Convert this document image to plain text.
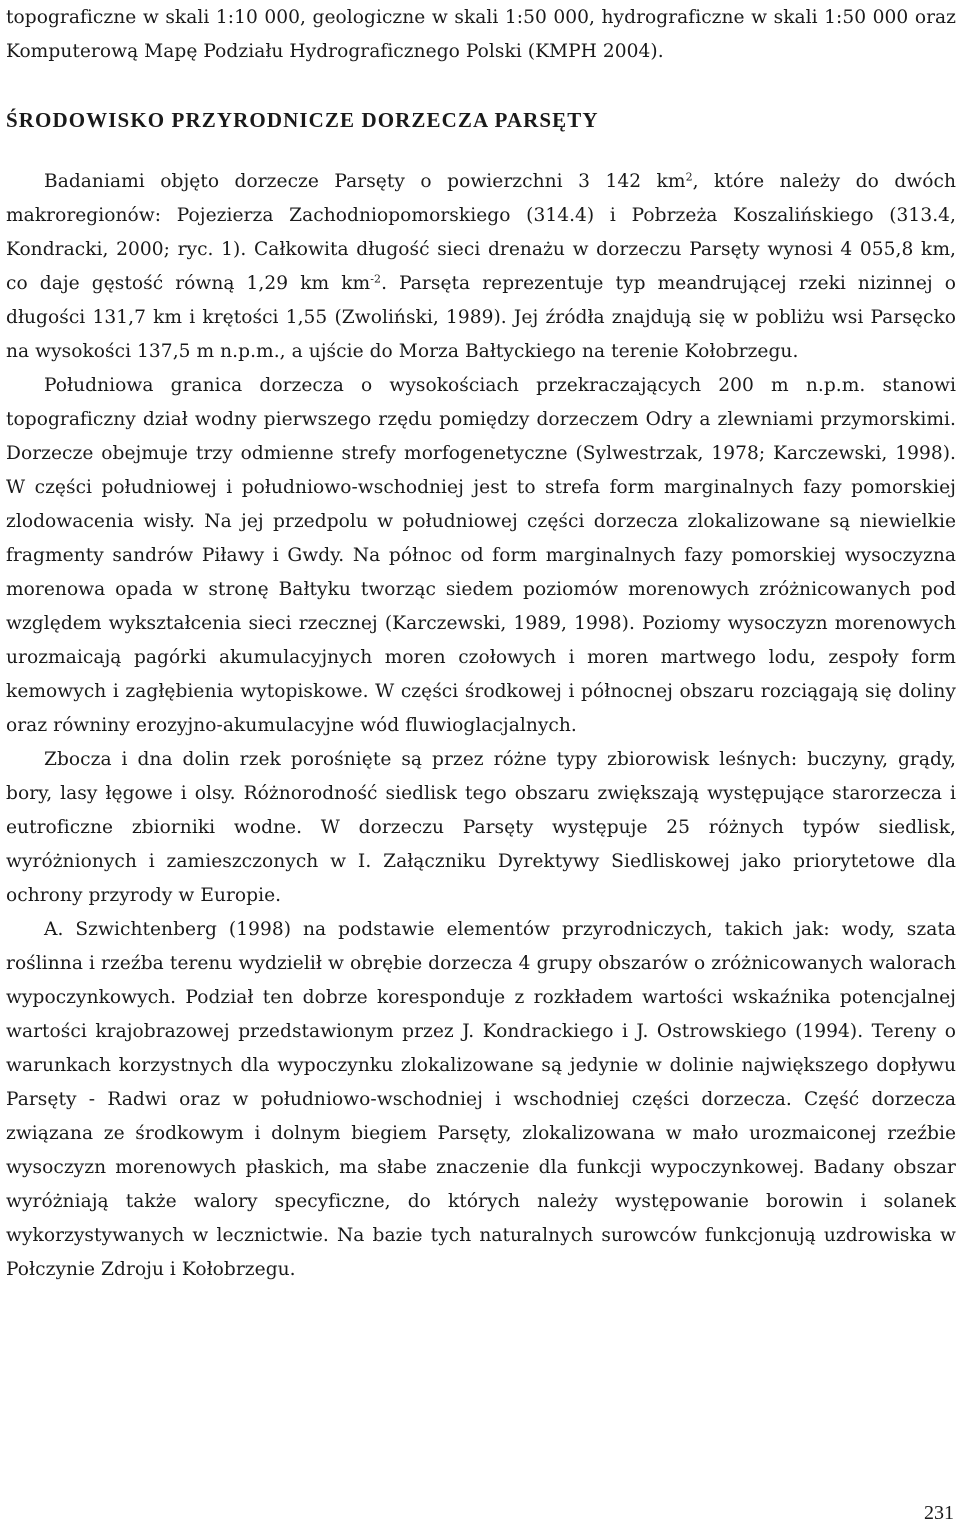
topograficzne w skali 1:10 000, geologiczne w skali 1:50 000, hydrograficzne w skali 1:50 000 oraz Komputerową Mapę Podziału Hydrograficznego Polski (KMPH 2004).

ŚRODOWISKO PRZYRODNICZE DORZECZA PARSĘTY

Badaniami objęto dorzecze Parsęty o powierzchni 3 142 $km^2$, które należy do dwóch makroregionów: Pojezierza Zachodniopomorskiego (314.4) i Pobrzeża Koszalińskiego (313.4, Kondracki, 2000; ryc. 1). Całkowita długość sieci drenażu w dorzeczu Parsęty wynosi 4 055,8 km, co daje gęstość równą 1,29 km $km^{-2}$. Parsęta reprezentuje typ meandrującej rzeki nizinnej o długości 131,7 km i krętości 1,55 (Zwoliński, 1989). Jej źródła znajdują się w pobliżu wsi Parsęcko na wysokości 137,5 m n.p.m., a ujście do Morza Bałtyckiego na terenie Kołobrzegu.

Południowa granica dorzecza o wysokościach przekraczających 200 m n.p.m. stanowi topograficzny dział wodny pierwszego rzędu pomiędzy dorzeczem Odry a zlewniami przymorskimi. Dorzecze obejmuje trzy odmienne strefy morfogenetyczne (Sylwestrzak, 1978; Karczewski, 1998). W części południowej i południowo-wschodniej jest to strefa form marginalnych fazy pomorskiej zlodowacenia wisły. Na jej przedpolu w południowej części dorzecza zlokalizowane są niewielkie fragmenty sandrów Piławy i Gwdy. Na północ od form marginalnych fazy pomorskiej wysoczyzna morenowa opada w stronę Bałtyku tworząc siedem poziomów morenowych zróżnicowanych pod względem wykształcenia sieci rzecznej (Karczewski, 1989, 1998). Poziomy wysoczyzn morenowych urozmaicają pagórki akumulacyjnych moren czołowych i moren martwego lodu, zespoły form kemowych i zagłębienia wytopiskowe. W części środkowej i północnej obszaru rozciągają się doliny oraz równiny erozyjno-akumulacyjne wód fluwioglacjalnych.

Zbocza i dna dolin rzek porośnięte są przez różne typy zbiorowisk leśnych: buczyny, grądy, bory, lasy łęgowe i olsy. Różnorodność siedlisk tego obszaru zwiększają występujące starorzecza i eutroficzne zbiorniki wodne. W dorzeczu Parsęty występuje 25 różnych typów siedlisk, wyróżnionych i zamieszczonych w I. Załączniku Dyrektywy Siedliskowej jako priorytetowe dla ochrony przyrody w Europie.

A. Szwichtenberg (1998) na podstawie elementów przyrodniczych, takich jak: wody, szata roślinna i rzeźba terenu wydzielił w obrębie dorzecza 4 grupy obszarów o zróżnicowanych walorach wypoczynkowych. Podział ten dobrze koresponduje z rozkładem wartości wskaźnika potencjalnej wartości krajobrazowej przedstawionym przez J. Kondrackiego i J. Ostrowskiego (1994). Tereny o warunkach korzystnych dla wypoczynku zlokalizowane są jedynie w dolinie największego dopływu Parsęty - Radwi oraz w południowo-wschodniej i wschodniej części dorzecza. Część dorzecza związana ze środkowym i dolnym biegiem Parsęty, zlokalizowana w mało urozmaiconej rzeźbie wysoczyzn morenowych płaskich, ma słabe znaczenie dla funkcji wypoczynkowej. Badany obszar wyróżniają także walory specyficzne, do których należy występowanie borowin i solanek wykorzystywanych w lecznictwie. Na bazie tych naturalnych surowców funkcjonują uzdrowiska w Połczynie Zdroju i Kołobrzegu.

231
